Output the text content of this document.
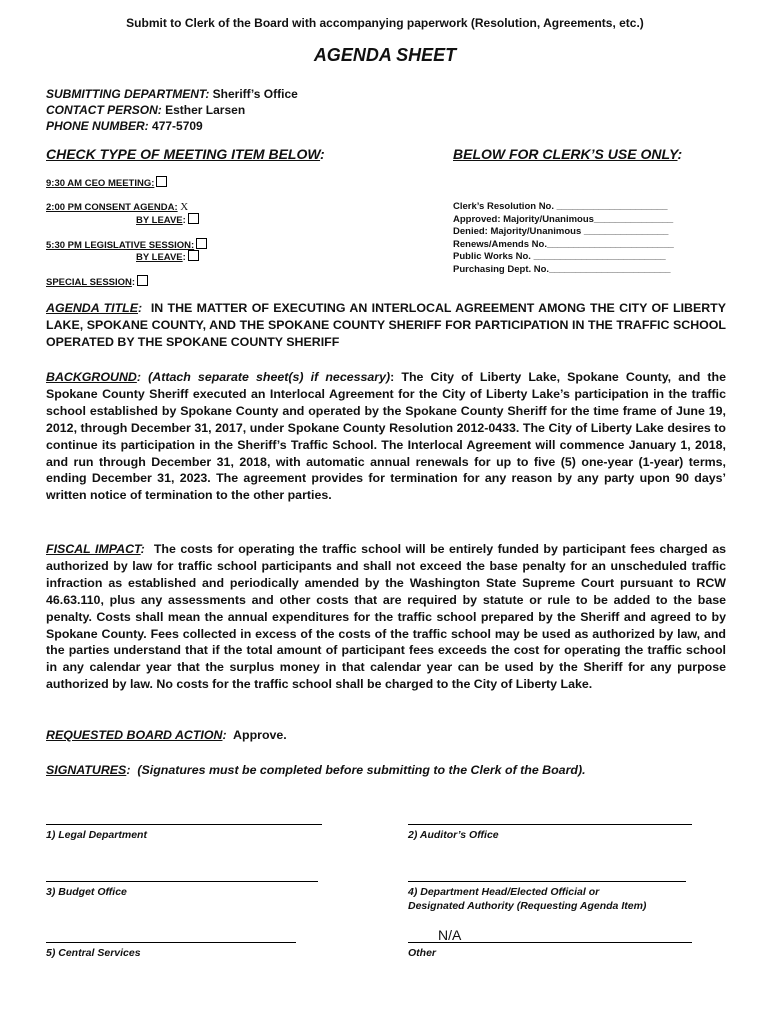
Submit to Clerk of the Board with accompanying paperwork (Resolution, Agreements, etc.)
AGENDA SHEET
SUBMITTING DEPARTMENT: Sheriff’s Office
CONTACT PERSON: Esther Larsen
PHONE NUMBER: 477-5709
CHECK TYPE OF MEETING ITEM BELOW:	BELOW FOR CLERK’S USE ONLY:
9:30 AM CEO MEETING:
2:00 PM CONSENT AGENDA: X
BY LEAVE:
5:30 PM LEGISLATIVE SESSION:
BY LEAVE:
SPECIAL SESSION:
Clerk’s Resolution No. _____________________
Approved: Majority/Unanimous_______________
Denied: Majority/Unanimous ________________
Renews/Amends No.________________________
Public Works No. _________________________
Purchasing Dept. No._______________________
AGENDA TITLE: IN THE MATTER OF EXECUTING AN INTERLOCAL AGREEMENT AMONG THE CITY OF LIBERTY LAKE, SPOKANE COUNTY, AND THE SPOKANE COUNTY SHERIFF FOR PARTICIPATION IN THE TRAFFIC SCHOOL OPERATED BY THE SPOKANE COUNTY SHERIFF
BACKGROUND: (Attach separate sheet(s) if necessary): The City of Liberty Lake, Spokane County, and the Spokane County Sheriff executed an Interlocal Agreement for the City of Liberty Lake’s participation in the traffic school established by Spokane County and operated by the Spokane County Sheriff for the time frame of June 19, 2012, through December 31, 2017, under Spokane County Resolution 2012-0433. The City of Liberty Lake desires to continue its participation in the Sheriff’s Traffic School. The Interlocal Agreement will commence January 1, 2018, and run through December 31, 2018, with automatic annual renewals for up to five (5) one-year (1-year) terms, ending December 31, 2023. The agreement provides for termination for any reason by any party upon 90 days’ written notice of termination to the other parties.
FISCAL IMPACT: The costs for operating the traffic school will be entirely funded by participant fees charged as authorized by law for traffic school participants and shall not exceed the base penalty for an unscheduled traffic infraction as established and periodically amended by the Washington State Supreme Court pursuant to RCW 46.63.110, plus any assessments and other costs that are required by statute or rule to be added to the base penalty. Costs shall mean the annual expenditures for the traffic school prepared by the Sheriff and agreed to by Spokane County. Fees collected in excess of the costs of the traffic school may be used as authorized by law, and the parties understand that if the total amount of participant fees exceeds the cost for operating the traffic school in any calendar year that the surplus money in that calendar year can be used by the Sheriff for any purpose authorized by law. No costs for the traffic school shall be charged to the City of Liberty Lake.
REQUESTED BOARD ACTION: Approve.
SIGNATURES: (Signatures must be completed before submitting to the Clerk of the Board).
1) Legal Department	2) Auditor’s Office
3) Budget Office	4) Department Head/Elected Official or
Designated Authority (Requesting Agenda Item)
5) Central Services
N/A
Other
